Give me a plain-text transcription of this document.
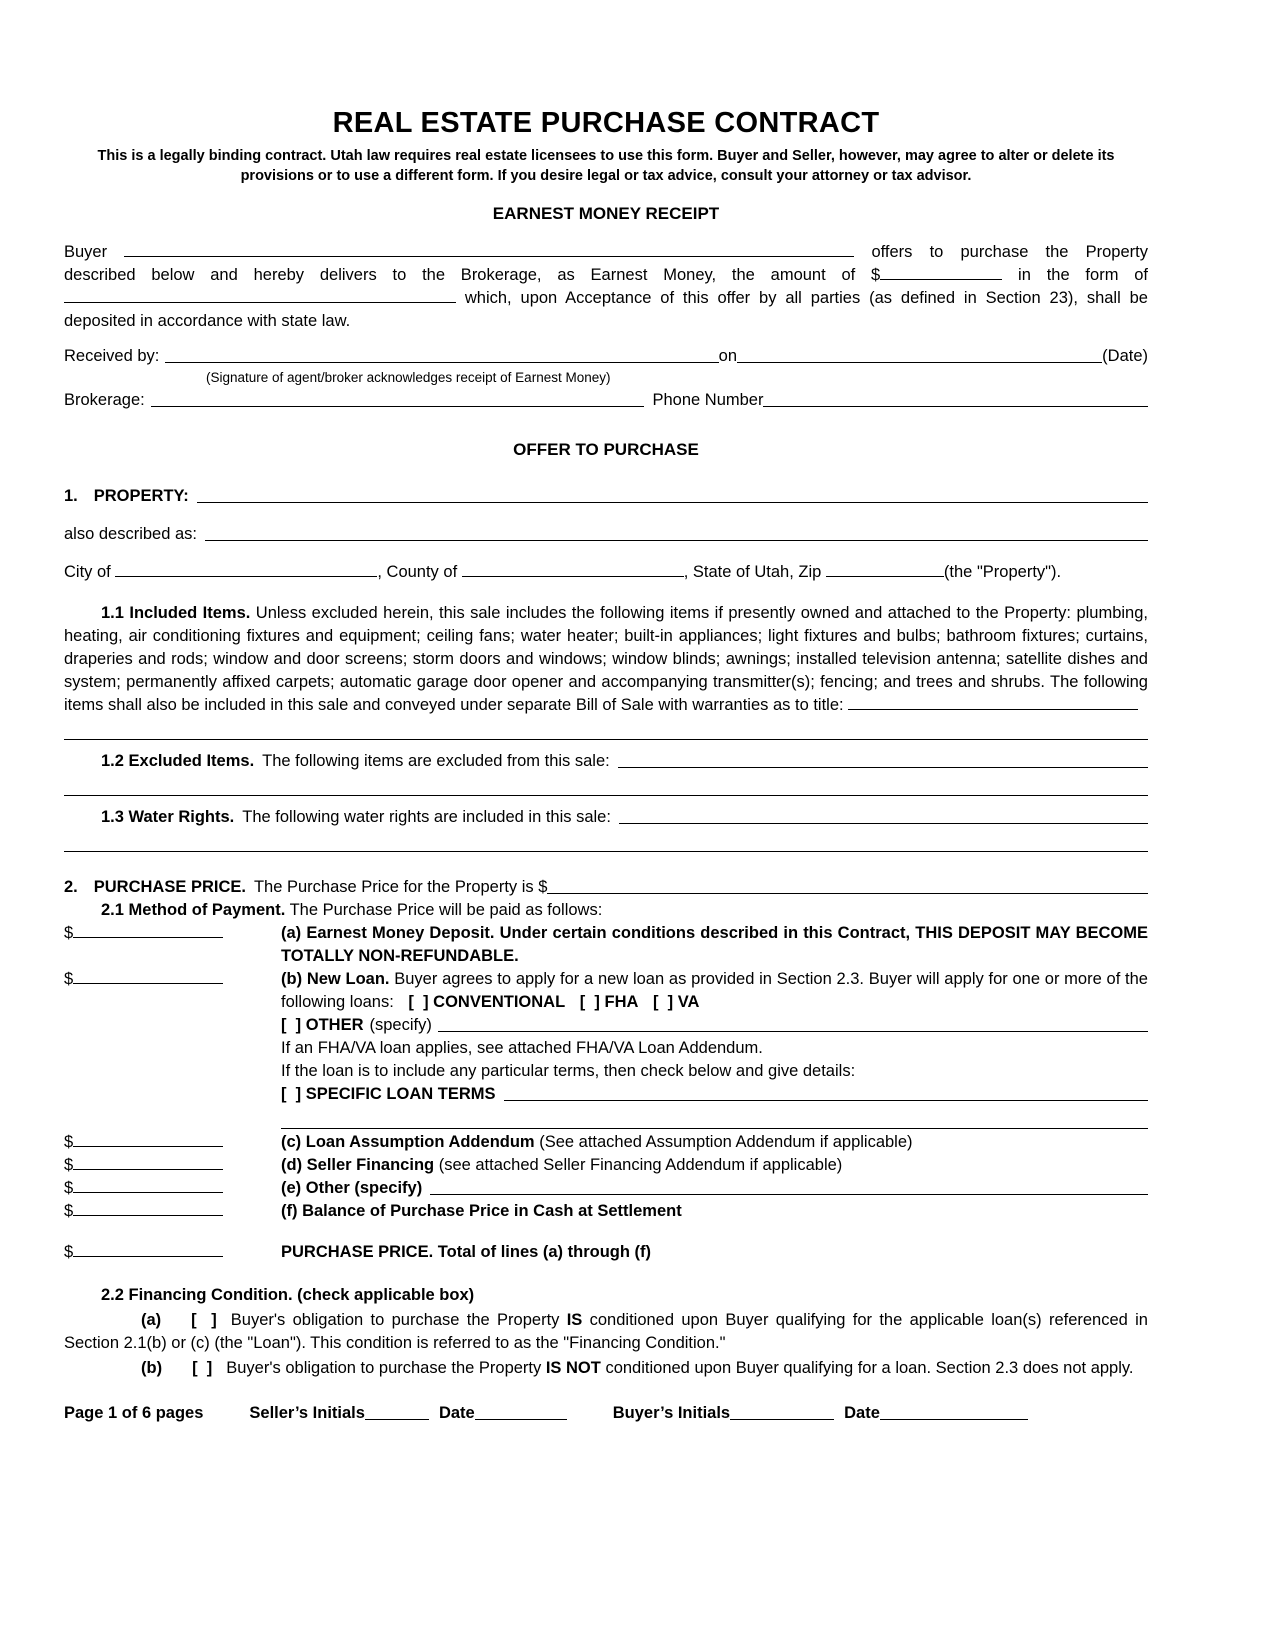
REAL ESTATE PURCHASE CONTRACT

This is a legally binding contract. Utah law requires real estate licensees to use this form. Buyer and Seller, however, may agree to alter or delete its provisions or to use a different form. If you desire legal or tax advice, consult your attorney or tax advisor.

EARNEST MONEY RECEIPT

Buyer	offers to purchase the Property described below and hereby delivers to the Brokerage, as Earnest Money, the amount of $	in the form of  which, upon Acceptance of this offer by all parties (as defined in Section 23), shall be deposited in accordance with state law.

Received by:	on	(Date)

(Signature of agent/broker acknowledges receipt of Earnest Money)

Brokerage:	Phone Number
OFFER TO PURCHASE
1. PROPERTY:
also described as:

City of	, County of	, State of Utah, Zip	(the "Property").

1.1 Included Items. Unless excluded herein, this sale includes the following items if presently owned and attached to the Property: plumbing, heating, air conditioning fixtures and equipment; ceiling fans; water heater; built-in appliances; light fixtures and bulbs; bathroom fixtures; curtains, draperies and rods; window and door screens; storm doors and windows; window blinds; awnings; installed television antenna; satellite dishes and system; permanently affixed carpets; automatic garage door opener and accompanying transmitter(s); fencing; and trees and shrubs. The following items shall also be included in this sale and conveyed under separate Bill of Sale with warranties as to title:

1.2 Excluded Items. The following items are excluded from this sale:
1.3 Water Rights. The following water rights are included in this sale:
2. PURCHASE PRICE. The Purchase Price for the Property is $

2.1 Method of Payment. The Purchase Price will be paid as follows:

$	(a) Earnest Money Deposit. Under certain conditions described in this Contract, THIS DEPOSIT MAY BECOME TOTALLY NON-REFUNDABLE.

$	(b) New Loan. Buyer agrees to apply for a new loan as provided in Section 2.3. Buyer will apply for one or more of the following loans: [  ] CONVENTIONAL [  ] FHA [  ] VA

[  ] OTHER (specify)

If an FHA/VA loan applies, see attached FHA/VA Loan Addendum.

If the loan is to include any particular terms, then check below and give details:

[  ] SPECIFIC LOAN TERMS
$	(c) Loan Assumption Addendum (See attached Assumption Addendum if applicable)

$	(d) Seller Financing (see attached Seller Financing Addendum if applicable)

$	(e) Other (specify)
$	(f) Balance of Purchase Price in Cash at Settlement

$	PURCHASE PRICE. Total of lines (a) through (f)

2.2 Financing Condition. (check applicable box)

(a) [  ] Buyer's obligation to purchase the Property IS conditioned upon Buyer qualifying for the applicable loan(s) referenced in Section 2.1(b) or (c) (the "Loan"). This condition is referred to as the "Financing Condition."

(b) [  ] Buyer's obligation to purchase the Property IS NOT conditioned upon Buyer qualifying for a loan. Section 2.3 does not apply.

Page 1 of 6 pages	Seller’s Initials	Date	Buyer’s Initials	Date
